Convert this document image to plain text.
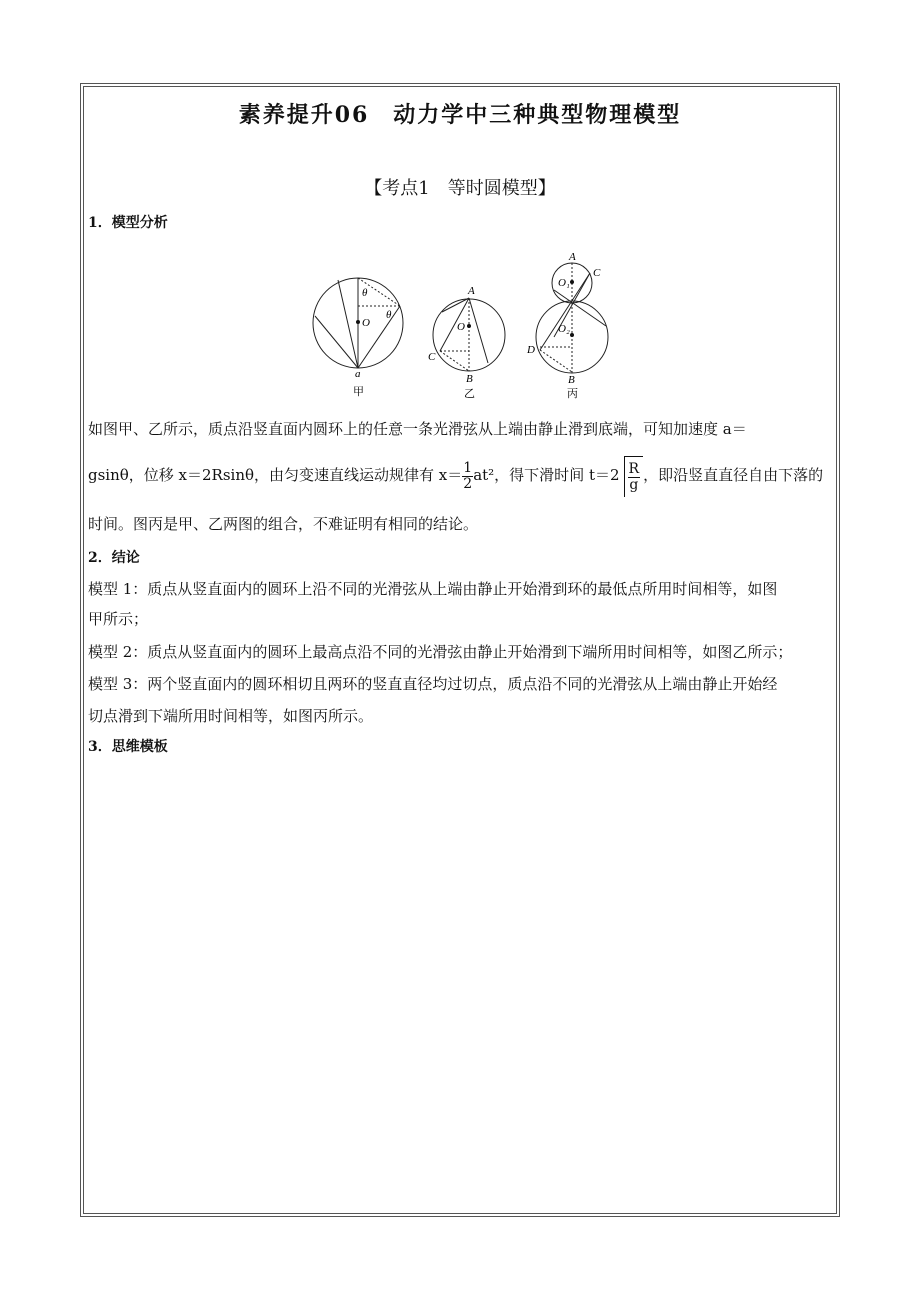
素养提升06　动力学中三种典型物理模型
【考点1　等时圆模型】
1．模型分析
O
a
θ
θ
甲
A
O
C
B
乙
A
C
O₁
O₂
D
B
丙
如图甲、乙所示，质点沿竖直面内圆环上的任意一条光滑弦从上端由静止滑到底端，可知加速度 a＝
gsinθ，位移 x＝2Rsinθ，由匀变速直线运动规律有 $x= \frac{1}{2} at^2$，得下滑时间 $t=2 \frac{R}{g}$ ，即沿竖直直径自由下落的
时间。图丙是甲、乙两图的组合，不难证明有相同的结论。
2．结论
模型 1：质点从竖直面内的圆环上沿不同的光滑弦从上端由静止开始滑到环的最低点所用时间相等，如图
甲所示；
模型 2：质点从竖直面内的圆环上最高点沿不同的光滑弦由静止开始滑到下端所用时间相等，如图乙所示；
模型 3：两个竖直面内的圆环相切且两环的竖直直径均过切点，质点沿不同的光滑弦从上端由静止开始经
切点滑到下端所用时间相等，如图丙所示。
3．思维模板
